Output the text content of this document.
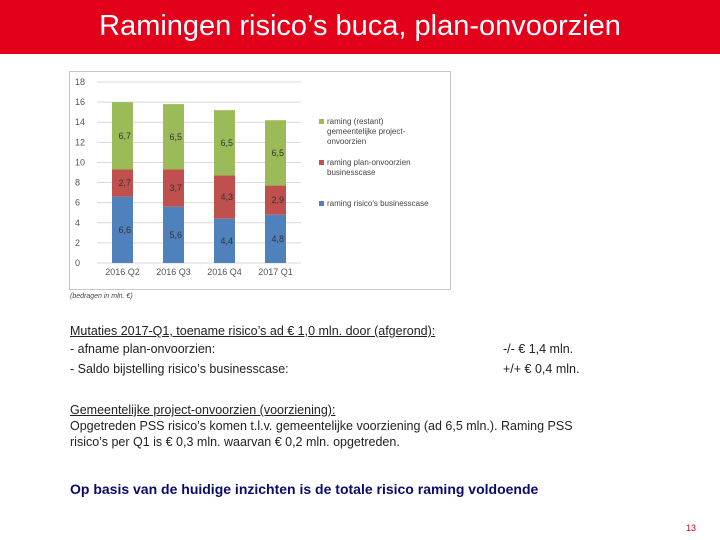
Ramingen risico’s buca, plan-onvoorzien
0
2
4
6
8
10
12
14
16
18
6,6
2,7
6,7
2016 Q2
5,6
3,7
6,5
2016 Q3
4,4
4,3
6,5
2016 Q4
4,8
2,9
6,5
2017 Q1
raming (restant)
gemeentelijke project-
onvoorzien
raming plan-onvoorzien
businesscase
raming risico's businesscase
(bedragen in mln. €)
Mutaties 2017-Q1, toename risico’s ad € 1,0 mln. door (afgerond):
- afname plan-onvoorzien:	-/- € 1,4 mln.
- Saldo bijstelling risico’s businesscase:	+/+ € 0,4 mln.
Gemeentelijke project-onvoorzien (voorziening):
Opgetreden PSS risico’s komen t.l.v. gemeentelijke voorziening (ad 6,5 mln.). Raming PSS
risico’s per Q1 is € 0,3 mln. waarvan € 0,2 mln. opgetreden.
Op basis van de huidige inzichten is de totale risico raming voldoende
13
